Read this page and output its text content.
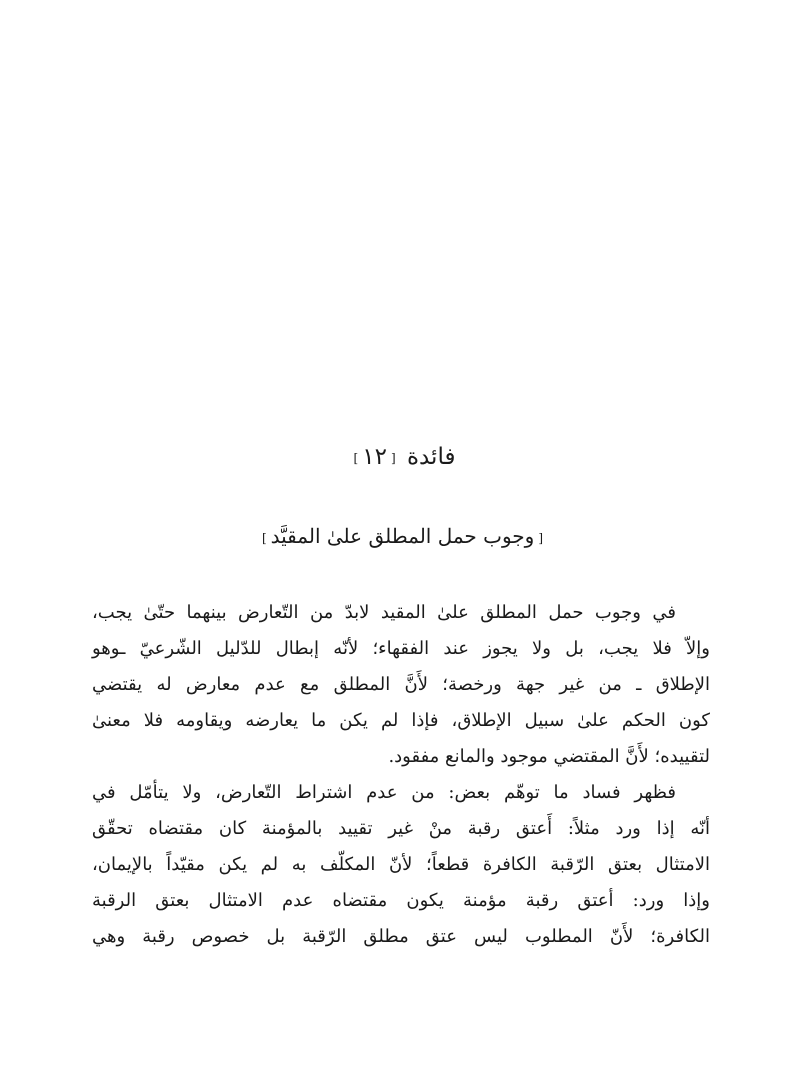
فائدة [١٢]
[وجوب حمل المطلق علىٰ المقيَّد]

في وجوب حمل المطلق علىٰ المقيد لابدّ من التّعارض بينهما حتّىٰ يجب،
وإلاّ فلا يجب، بل ولا يجوز عند الفقهاء؛ لأنّه إبطال للدّليل الشّرعيّ ـوهو
الإطلاق ـ من غير جهة ورخصة؛ لأَنَّ المطلق مع عدم معارض له يقتضي
كون الحكم علىٰ سبيل الإطلاق، فإذا لم يكن ما يعارضه ويقاومه فلا معنىٰ
لتقييده؛ لأَنَّ المقتضي موجود والمانع مفقود.

فظهر فساد ما توهّم بعض: من عدم اشتراط التّعارض، ولا يتأمّل في
أنّه إذا ورد مثلاً: أَعتق رقبة منْ غير تقييد بالمؤمنة كان مقتضاه تحقّق
الامتثال بعتق الرّقبة الكافرة قطعاً؛ لأنّ المكلّف به لم يكن مقيّداً بالإيمان،
وإذا ورد: أعتق رقبة مؤمنة يكون مقتضاه عدم الامتثال بعتق الرقبة
الكافرة؛ لأَنّ المطلوب ليس عتق مطلق الرّقبة بل خصوص رقبة وهي
